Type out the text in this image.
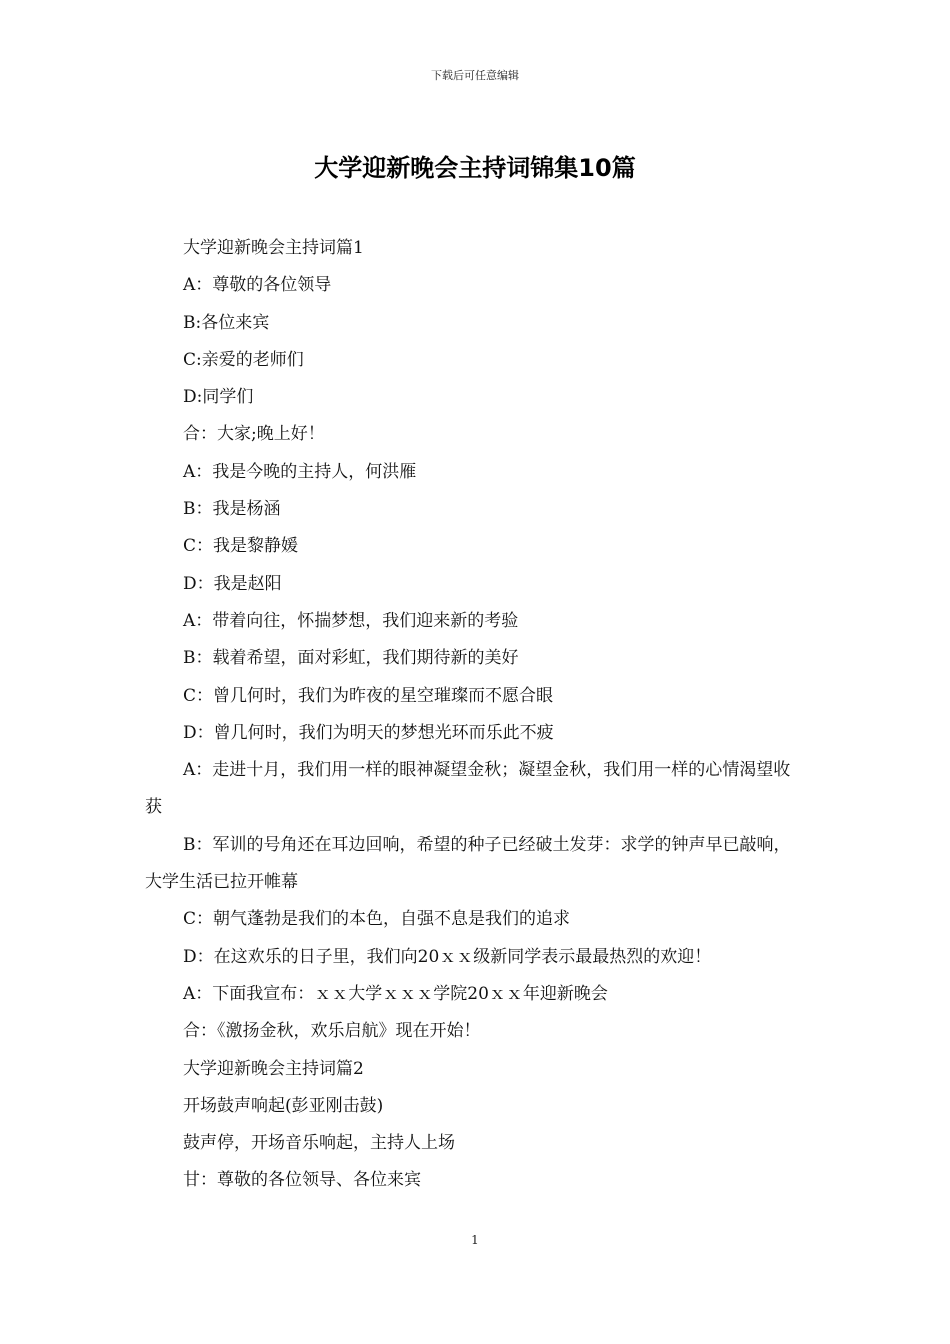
下载后可任意编辑
大学迎新晚会主持词锦集10篇

大学迎新晚会主持词篇1

A：尊敬的各位领导

B:各位来宾

C:亲爱的老师们

D:同学们

合：大家;晚上好！

A：我是今晚的主持人，何洪雁

B：我是杨涵

C：我是黎静媛

D：我是赵阳

A：带着向往，怀揣梦想，我们迎来新的考验

B：载着希望，面对彩虹，我们期待新的美好

C：曾几何时，我们为昨夜的星空璀璨而不愿合眼

D：曾几何时，我们为明天的梦想光环而乐此不疲

A：走进十月，我们用一样的眼神凝望金秋；凝望金秋，我们用一样的心情渴望收获

B：军训的号角还在耳边回响，希望的种子已经破土发芽：求学的钟声早已敲响，大学生活已拉开帷幕

C：朝气蓬勃是我们的本色，自强不息是我们的追求

D：在这欢乐的日子里，我们向20ｘｘ级新同学表示最最热烈的欢迎！

A：下面我宣布：ｘｘ大学ｘｘｘ学院20ｘｘ年迎新晚会

合：《激扬金秋，欢乐启航》现在开始！

大学迎新晚会主持词篇2

开场鼓声响起(彭亚刚击鼓)

鼓声停，开场音乐响起，主持人上场

甘：尊敬的各位领导、各位来宾

1
